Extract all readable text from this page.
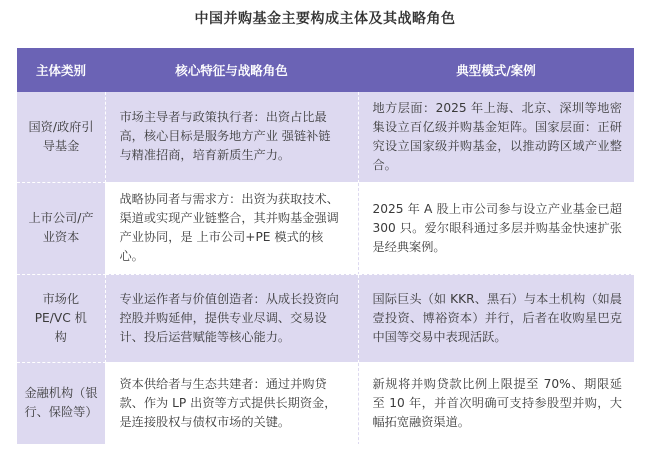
中国并购基金主要构成主体及其战略角色
主体类别	核心特征与战略角色	典型模式/案例

国资/政府引导基金	市场主导者与政策执行者：出资占比最高，核心目标是服务地方产业 强链补链 与精准招商，培育新质生产力。	地方层面：2025 年上海、北京、深圳等地密集设立百亿级并购基金矩阵。国家层面：正研究设立国家级并购基金，以推动跨区域产业整合。

上市公司/产业资本	战略协同者与需求方：出资为获取技术、渠道或实现产业链整合，其并购基金强调产业协同，是 上市公司+PE 模式的核心。	2025 年 A 股上市公司参与设立产业基金已超 300 只。爱尔眼科通过多层并购基金快速扩张是经典案例。

市场化PE/VC 机构	专业运作者与价值创造者：从成长投资向控股并购延伸，提供专业尽调、交易设计、投后运营赋能等核心能力。	国际巨头（如 KKR、黑石）与本土机构（如晨壹投资、博裕资本）并行，后者在收购星巴克中国等交易中表现活跃。

金融机构（银行、保险等）	资本供给者与生态共建者：通过并购贷款、作为 LP 出资等方式提供长期资金，是连接股权与债权市场的关键。	新规将并购贷款比例上限提至 70%、期限延至 10 年，并首次明确可支持参股型并购，大幅拓宽融资渠道。
